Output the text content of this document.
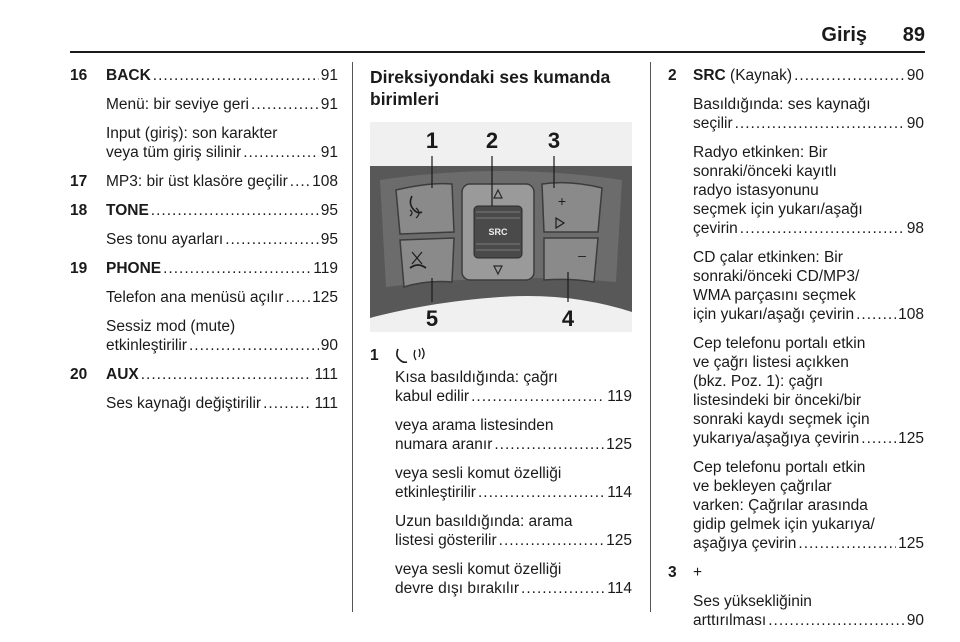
Giriş 89
16 BACK .....	91
Menü: bir seviye geri .....	91
Input (giriş): son karakter
veya tüm giriş silinir .....	91
17 MP3: bir üst klasöre geçilir ..... 108
18 TONE .....	95
Ses tonu ayarları .....	95
19 PHONE .....	119
Telefon ana menüsü açılır ..... 125
Sessiz mod (mute)
etkinleştirilir .....	90
20 AUX .....	111
Ses kaynağı değiştirilir .....	111
Direksiyondaki ses kumanda birimleri
SRC
+
–
1 2 3
4
5
1
Kısa basıldığında: çağrı
kabul edilir .....	119
veya arama listesinden
numara aranır .....	125
veya sesli komut özelliği
etkinleştirilir .....	114
Uzun basıldığında: arama
listesi gösterilir .....	125
veya sesli komut özelliği
devre dışı bırakılır .....	114
2 SRC (Kaynak) .....	90
Basıldığında: ses kaynağı
seçilir .....	90
Radyo etkinken: Bir
sonraki/önceki kayıtlı
radyo istasyonunu
seçmek için yukarı/aşağı
çevirin .....	98
CD çalar etkinken: Bir
sonraki/önceki CD/MP3/
WMA parçasını seçmek
için yukarı/aşağı çevirin .....	108
Cep telefonu portalı etkin
ve çağrı listesi açıkken
(bkz. Poz. 1): çağrı
listesindeki bir önceki/bir
sonraki kaydı seçmek için
yukarıya/aşağıya çevirin .....	125
Cep telefonu portalı etkin
ve bekleyen çağrılar
varken: Çağrılar arasında
gidip gelmek için yukarıya/
aşağıya çevirin .....	125
3 +
Ses yüksekliğinin
arttırılması .....	90
